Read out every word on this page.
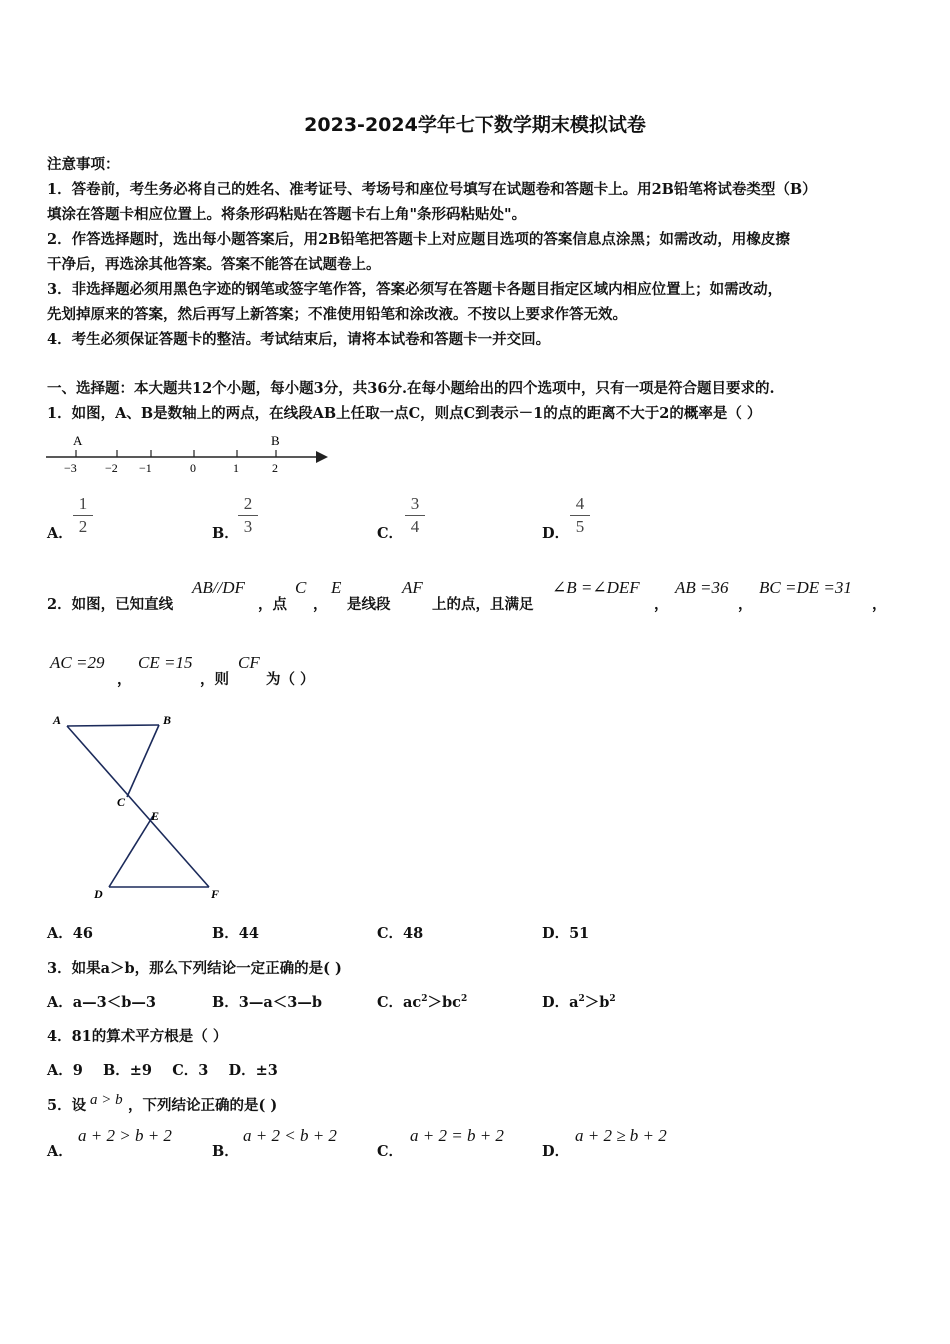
2023-2024学年七下数学期末模拟试卷
注意事项：
1．答卷前，考生务必将自己的姓名、准考证号、考场号和座位号填写在试题卷和答题卡上。用2B铅笔将试卷类型（B）
填涂在答题卡相应位置上。将条形码粘贴在答题卡右上角"条形码粘贴处"。
2．作答选择题时，选出每小题答案后，用2B铅笔把答题卡上对应题目选项的答案信息点涂黑；如需改动，用橡皮擦
干净后，再选涂其他答案。答案不能答在试题卷上。
3．非选择题必须用黑色字迹的钢笔或签字笔作答，答案必须写在答题卡各题目指定区域内相应位置上；如需改动，
先划掉原来的答案，然后再写上新答案；不准使用铅笔和涂改液。不按以上要求作答无效。
4．考生必须保证答题卡的整洁。考试结束后，请将本试卷和答题卡一并交回。
一、选择题：本大题共12个小题，每小题3分，共36分.在每小题给出的四个选项中，只有一项是符合题目要求的.
1．如图，A、B是数轴上的两点，在线段AB上任取一点C，则点C到表示－1的点的距离不大于2的概率是（ ）
A	B
−3 −2 −1	0	1	2
A． $\frac{1}{2}$	B． $\frac{2}{3}$	C． $\frac{3}{4}$	D． $\frac{4}{5}$
2．如图，已知直线
AB//DF
，点
C
，
E
是线段
AF
上的点，且满足
∠B =∠DEF
，
AB =36
，
BC =DE =31
，
AC =29
，
CE =15
，则
CF
为（ ）
A	B
C
E
D	F
A．46	B．44	C．48	D．51
3．如果a＞b，那么下列结论一定正确的是( )
A．a—3＜b—3	B．3—a＜3—b	C．$ac^2>bc^2$	D．$a^2>b^2$
4．81的算术平方根是（ ）
A．9    B．±9    C．3    D．±3
5．设 a > b ，下列结论正确的是( )
A．
a + 2 > b + 2
B．
a + 2 < b + 2
C．
a + 2 = b + 2
D．
a + 2 ≥ b + 2
